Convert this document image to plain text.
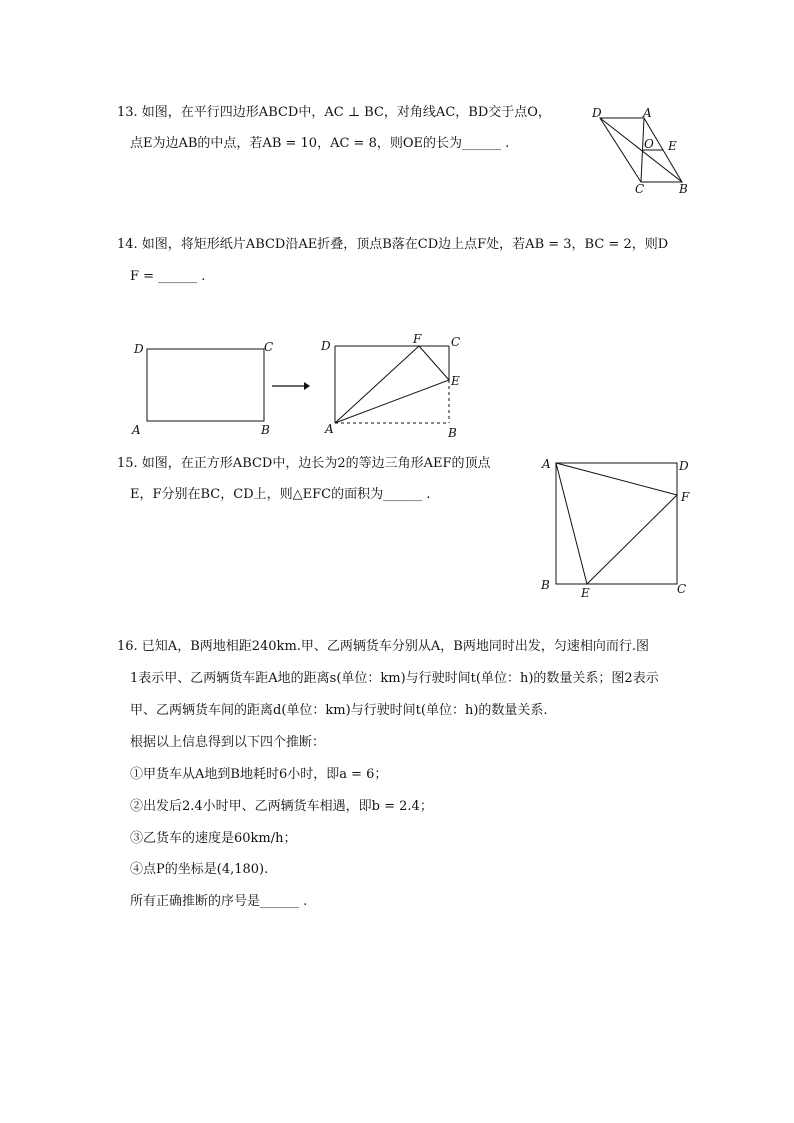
13. 如图，在平行四边形ABCD中，AC ⊥ BC，对角线AC，BD交于点O，
点E为边AB的中点，若AB = 10，AC = 8，则OE的长为______ .
D	A
O E
C	B
14. 如图，将矩形纸片ABCD沿AE折叠，顶点B落在CD边上点F处，若AB = 3，BC = 2，则D
F = ______ .
D	C
A	B
D	F C
E
A	B
15. 如图，在正方形ABCD中，边长为2的等边三角形AEF的顶点
E，F分别在BC，CD上，则△EFC的面积为______ .
A	D
F
B
E	C
16. 已知A，B两地相距240km.甲、乙两辆货车分别从A，B两地同时出发，匀速相向而行.图
1表示甲、乙两辆货车距A地的距离s(单位：km)与行驶时间t(单位：h)的数量关系；图2表示
甲、乙两辆货车间的距离d(单位：km)与行驶时间t(单位：h)的数量关系.
根据以上信息得到以下四个推断：
①甲货车从A地到B地耗时6小时，即a = 6；
②出发后2.4小时甲、乙两辆货车相遇，即b = 2.4；
③乙货车的速度是60km/h；
④点P的坐标是(4,180).
所有正确推断的序号是______ .
